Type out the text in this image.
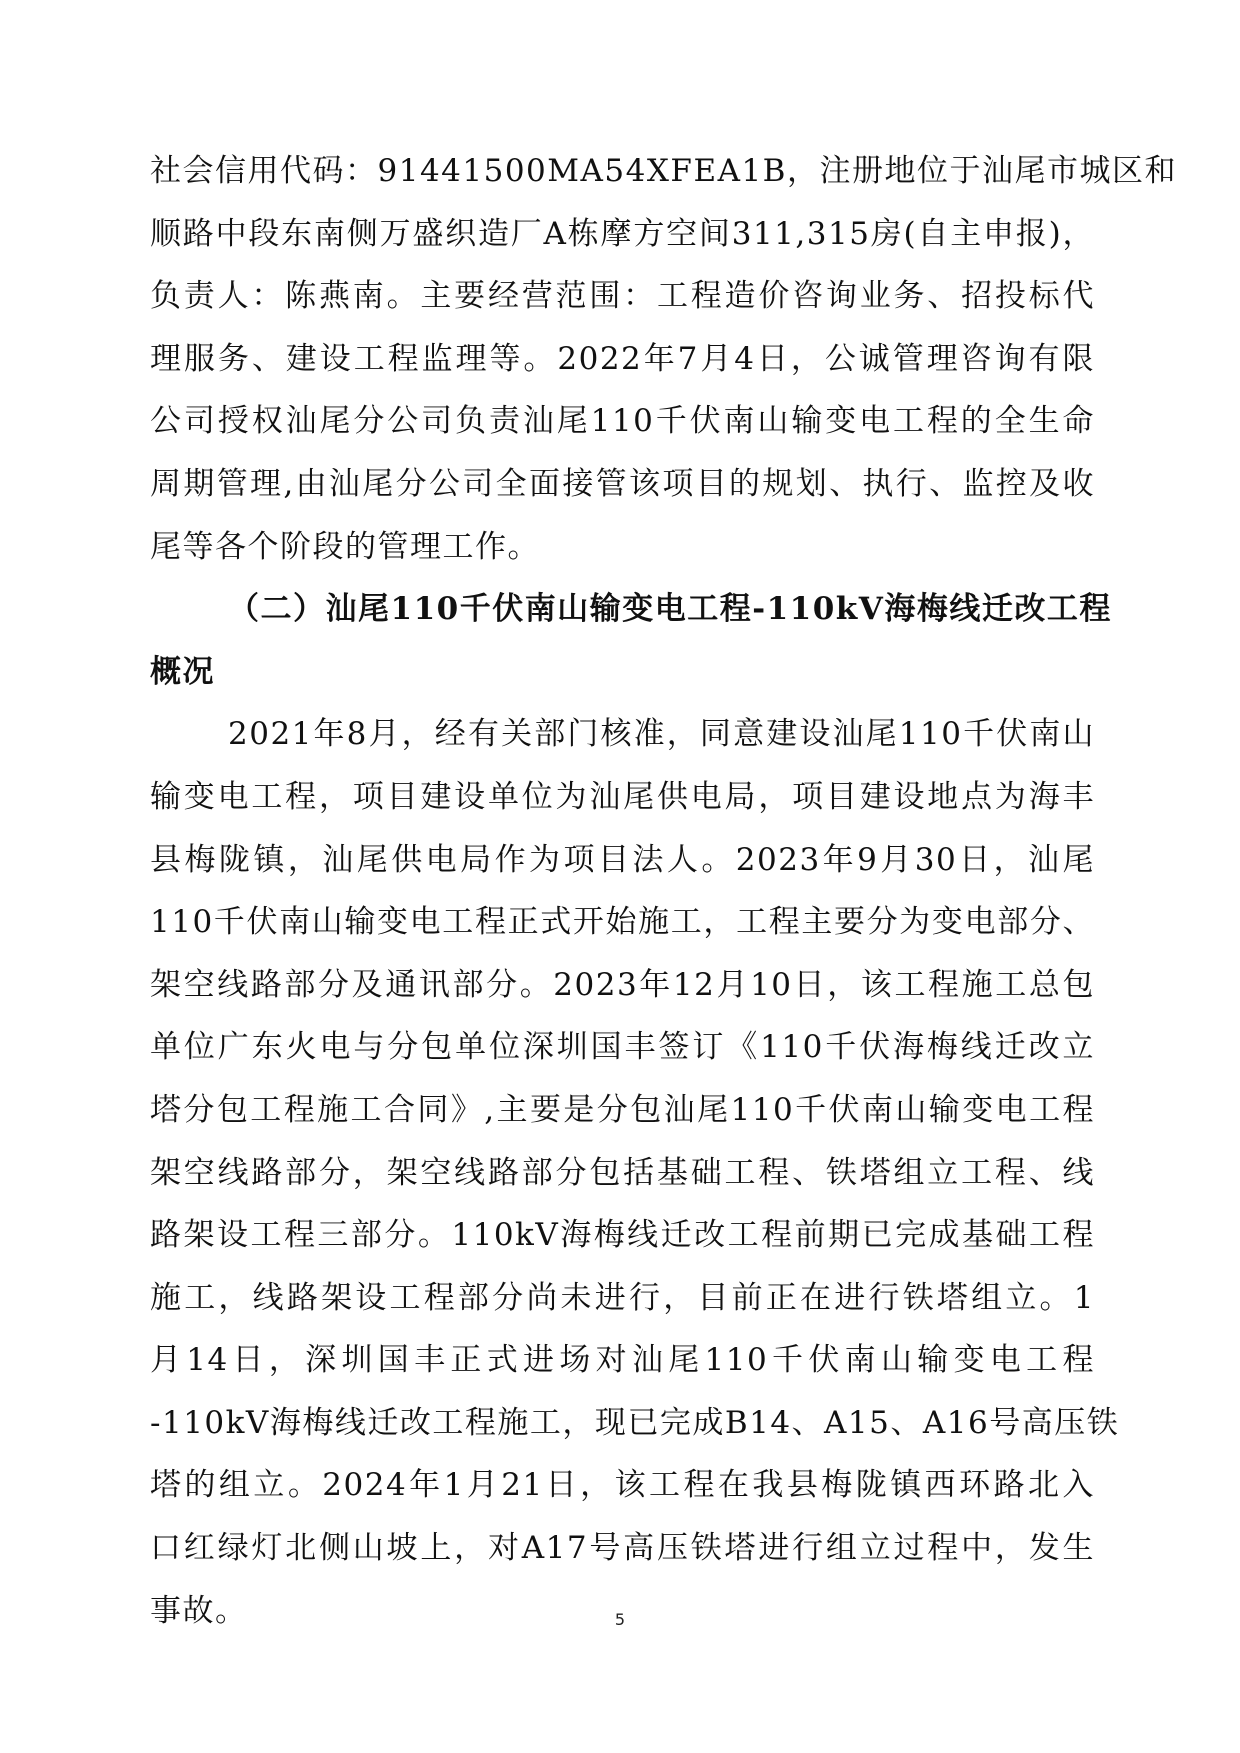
社会信用代码：91441500MA54XFEA1B，注册地位于汕尾市城区和
顺路中段东南侧万盛织造厂A栋摩方空间311,315房(自主申报)，
负责人：陈燕南。主要经营范围：工程造价咨询业务、招投标代
理服务、建设工程监理等。2022年7月4日，公诚管理咨询有限
公司授权汕尾分公司负责汕尾110千伏南山输变电工程的全生命
周期管理,由汕尾分公司全面接管该项目的规划、执行、监控及收
尾等各个阶段的管理工作。
（二）汕尾110千伏南山输变电工程-110kV海梅线迁改工程
概况
2021年8月，经有关部门核准，同意建设汕尾110千伏南山
输变电工程，项目建设单位为汕尾供电局，项目建设地点为海丰
县梅陇镇，汕尾供电局作为项目法人。2023年9月30日，汕尾
110千伏南山输变电工程正式开始施工，工程主要分为变电部分、
架空线路部分及通讯部分。2023年12月10日，该工程施工总包
单位广东火电与分包单位深圳国丰签订《110千伏海梅线迁改立
塔分包工程施工合同》,主要是分包汕尾110千伏南山输变电工程
架空线路部分，架空线路部分包括基础工程、铁塔组立工程、线
路架设工程三部分。110kV海梅线迁改工程前期已完成基础工程
施工，线路架设工程部分尚未进行，目前正在进行铁塔组立。1
月14日，深圳国丰正式进场对汕尾110千伏南山输变电工程
-110kV海梅线迁改工程施工，现已完成B14、A15、A16号高压铁
塔的组立。2024年1月21日，该工程在我县梅陇镇西环路北入
口红绿灯北侧山坡上，对A17号高压铁塔进行组立过程中，发生
事故。	5
